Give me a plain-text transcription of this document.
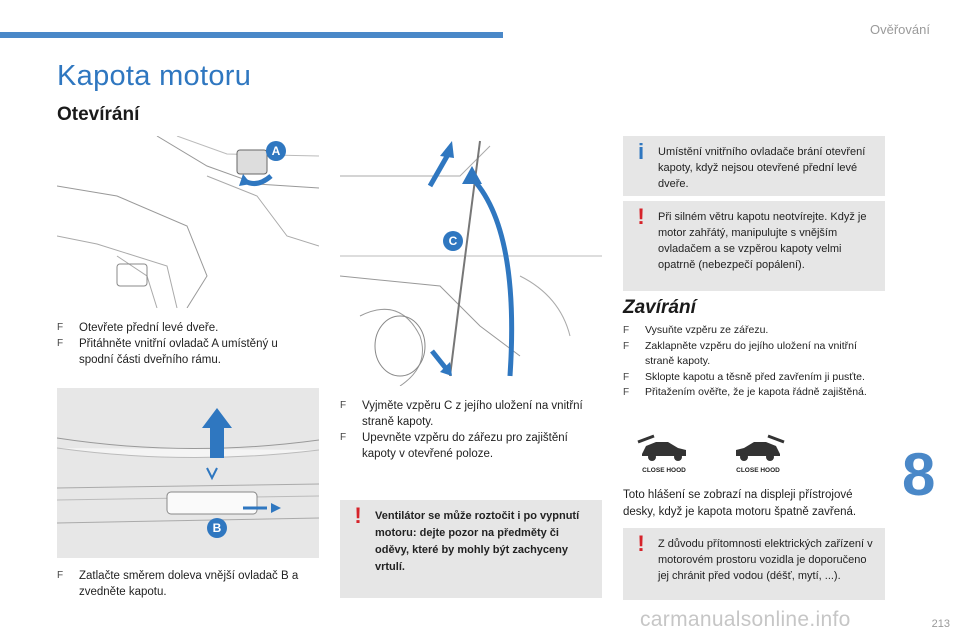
Ověřování
Kapota motoru
Otevírání
A
F Otevřete přední levé dveře.
F Přitáhněte vnitřní ovladač A umístěný u spodní části dveřního rámu.
B
F Zatlačte směrem doleva vnější ovladač B a zvedněte kapotu.
C
F Vyjměte vzpěru C z jejího uložení na vnitřní straně kapoty.
F Upevněte vzpěru do zářezu pro zajištění kapoty v otevřené poloze.
!	Ventilátor se může roztočit i po vypnutí motoru: dejte pozor na předměty či oděvy, které by mohly být zachyceny vrtulí.
i	Umístění vnitřního ovladače brání otevření kapoty, když nejsou otevřené přední levé dveře.
!	Při silném větru kapotu neotvírejte. Když je motor zahřátý, manipulujte s vnějším ovladačem a se vzpěrou kapoty velmi opatrně (nebezpečí popálení).
Zavírání
F Vysuňte vzpěru ze zářezu.
F Zaklapněte vzpěru do jejího uložení na vnitřní straně kapoty.
F Sklopte kapotu a těsně před zavřením ji pusťte.
F Přitažením ověřte, že je kapota řádně zajištěná.
CLOSE HOOD	CLOSE HOOD

Toto hlášení se zobrazí na displeji přístrojové desky, když je kapota motoru špatně zavřená.

!	Z důvodu přítomnosti elektrických zařízení v motorovém prostoru vozidla je doporučeno jej chránit před vodou (déšť, mytí, ...).
8
carmanualsonline.info	213
